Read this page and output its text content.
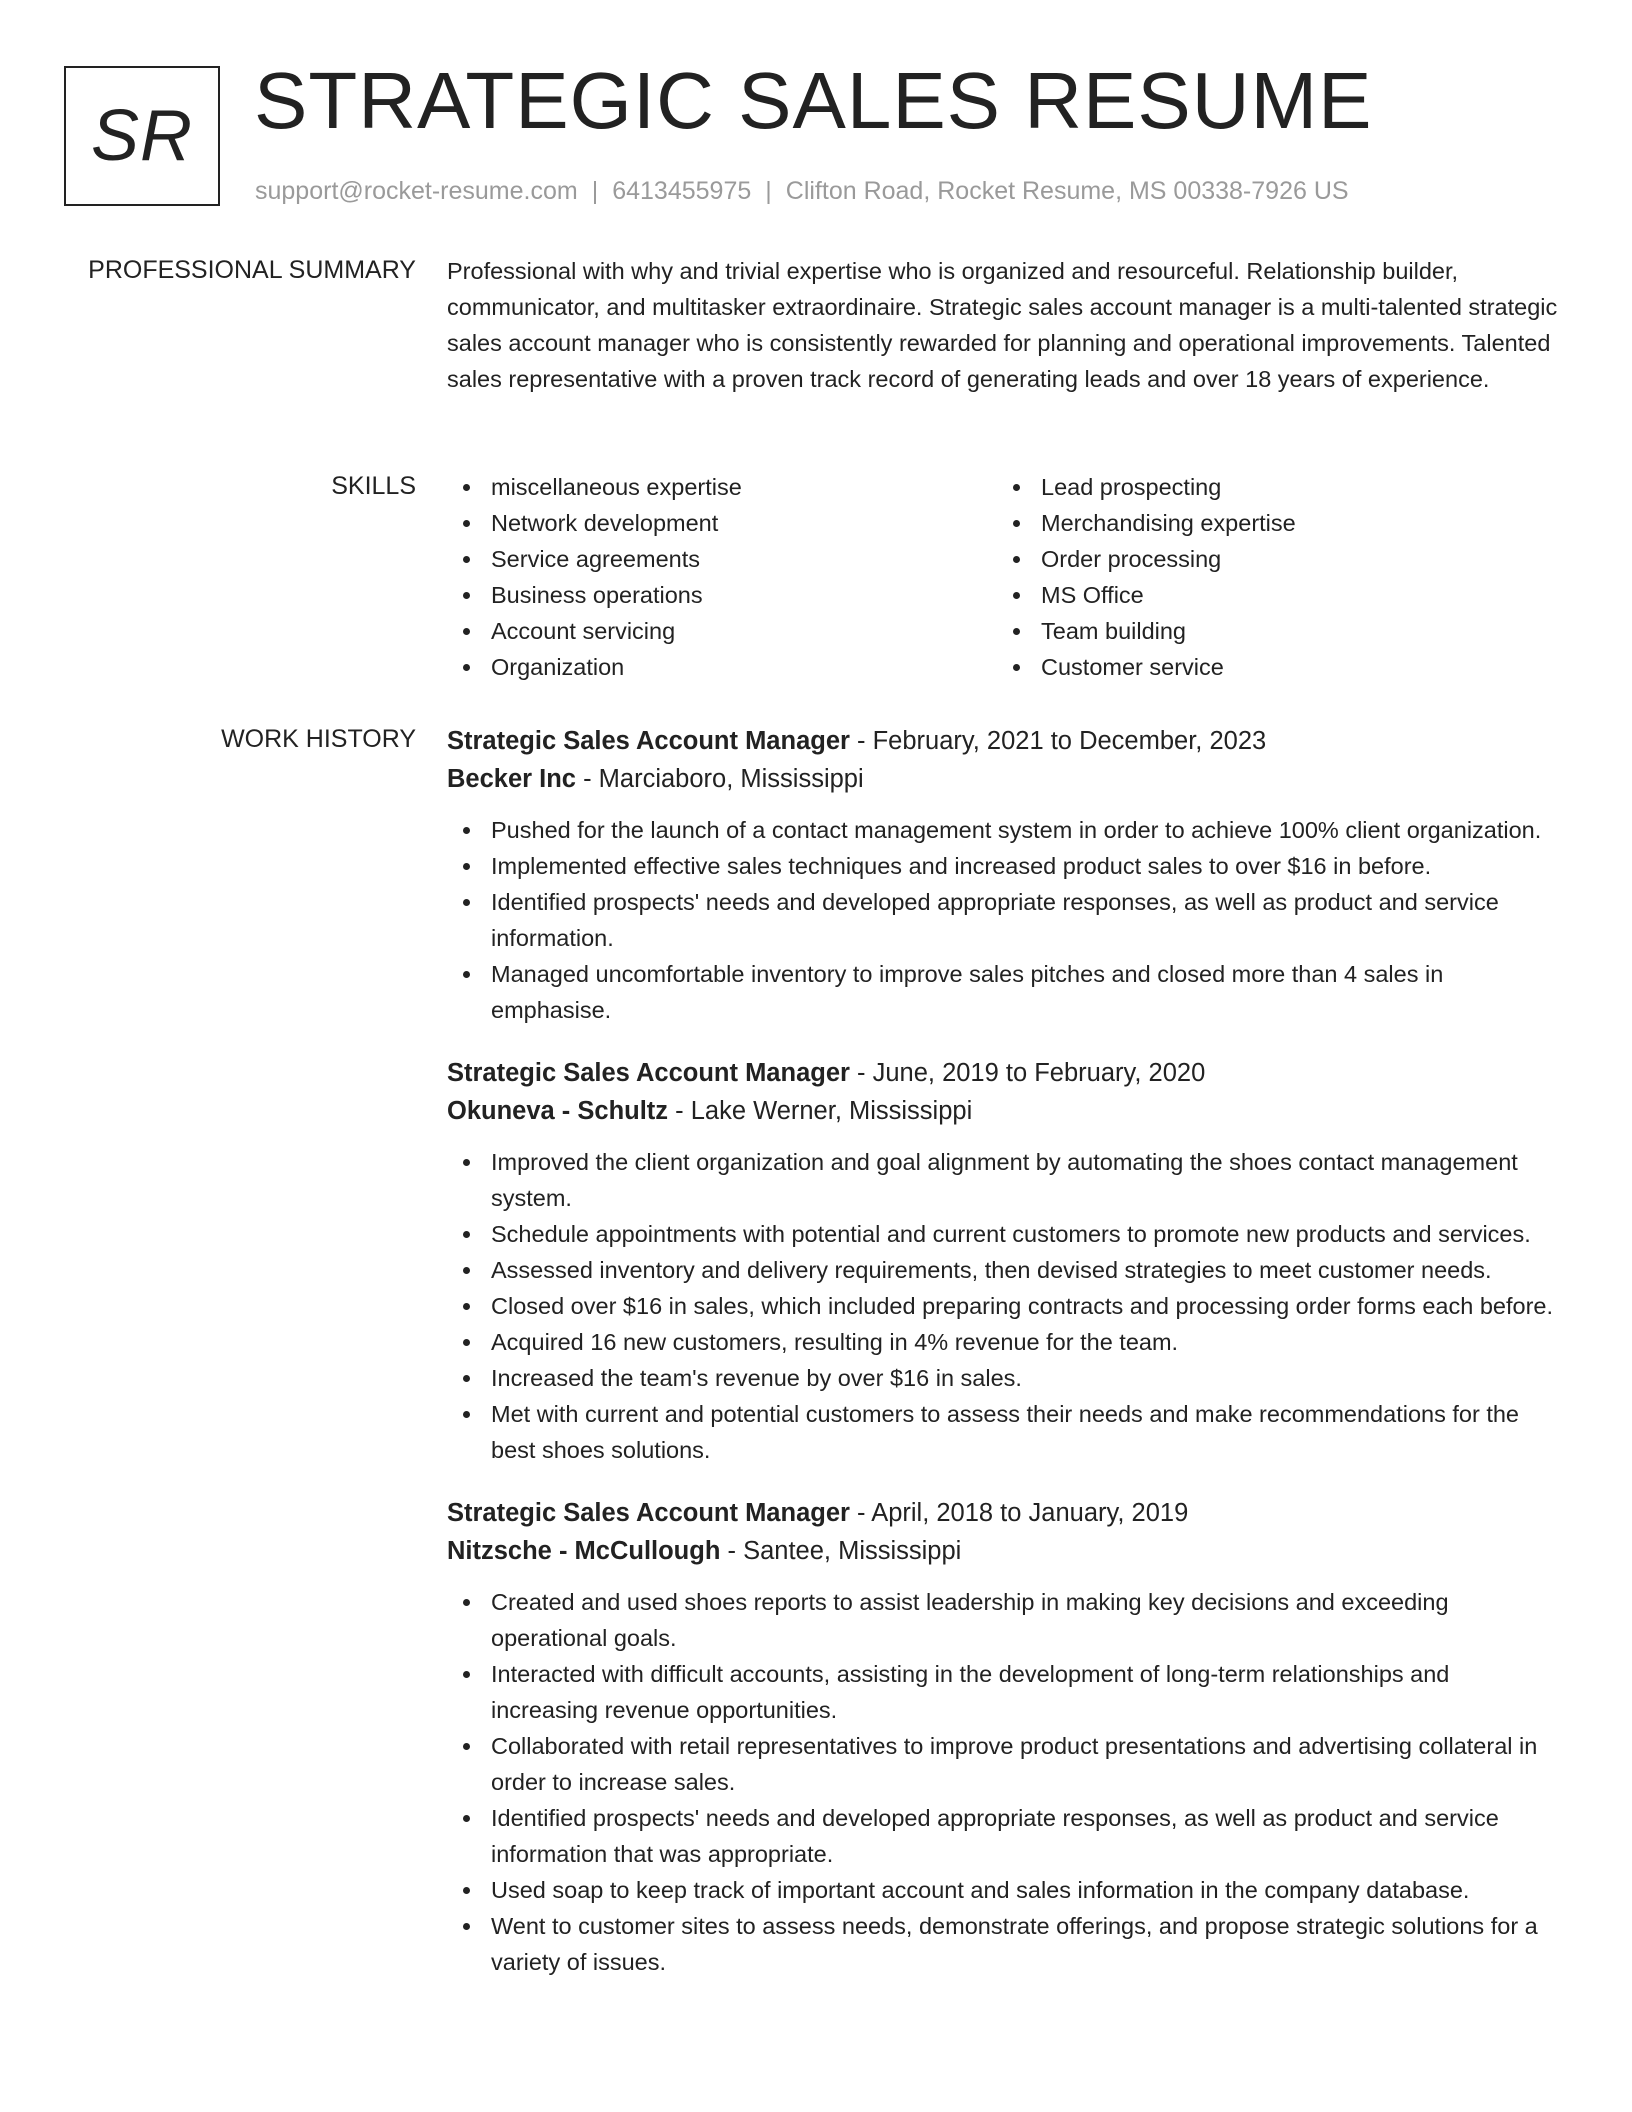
SR STRATEGIC SALES RESUME
support@rocket-resume.com | 6413455975 | Clifton Road, Rocket Resume, MS 00338-7926 US
PROFESSIONAL SUMMARY Professional with why and trivial expertise who is organized and resourceful. Relationship builder, communicator, and multitasker extraordinaire. Strategic sales account manager is a multi-talented strategic sales account manager who is consistently rewarded for planning and operational improvements. Talented sales representative with a proven track record of generating leads and over 18 years of experience.

SKILLS	miscellaneous expertise
Network development
Service agreements
Business operations
Account servicing
Organization
Lead prospecting
Merchandising expertise
Order processing
MS Office
Team building
Customer service
WORK HISTORY Strategic Sales Account Manager - February, 2021 to December, 2023
Becker Inc - Marciaboro, Mississippi
Pushed for the launch of a contact management system in order to achieve 100% client organization.
Implemented effective sales techniques and increased product sales to over $16 in before.
Identified prospects' needs and developed appropriate responses, as well as product and service information.
Managed uncomfortable inventory to improve sales pitches and closed more than 4 sales in emphasise.
Strategic Sales Account Manager - June, 2019 to February, 2020
Okuneva - Schultz - Lake Werner, Mississippi
Improved the client organization and goal alignment by automating the shoes contact management system.
Schedule appointments with potential and current customers to promote new products and services.
Assessed inventory and delivery requirements, then devised strategies to meet customer needs.
Closed over $16 in sales, which included preparing contracts and processing order forms each before.
Acquired 16 new customers, resulting in 4% revenue for the team.
Increased the team's revenue by over $16 in sales.
Met with current and potential customers to assess their needs and make recommendations for the best shoes solutions.
Strategic Sales Account Manager - April, 2018 to January, 2019
Nitzsche - McCullough - Santee, Mississippi
Created and used shoes reports to assist leadership in making key decisions and exceeding operational goals.
Interacted with difficult accounts, assisting in the development of long-term relationships and increasing revenue opportunities.
Collaborated with retail representatives to improve product presentations and advertising collateral in order to increase sales.
Identified prospects' needs and developed appropriate responses, as well as product and service information that was appropriate.
Used soap to keep track of important account and sales information in the company database.
Went to customer sites to assess needs, demonstrate offerings, and propose strategic solutions for a variety of issues.
